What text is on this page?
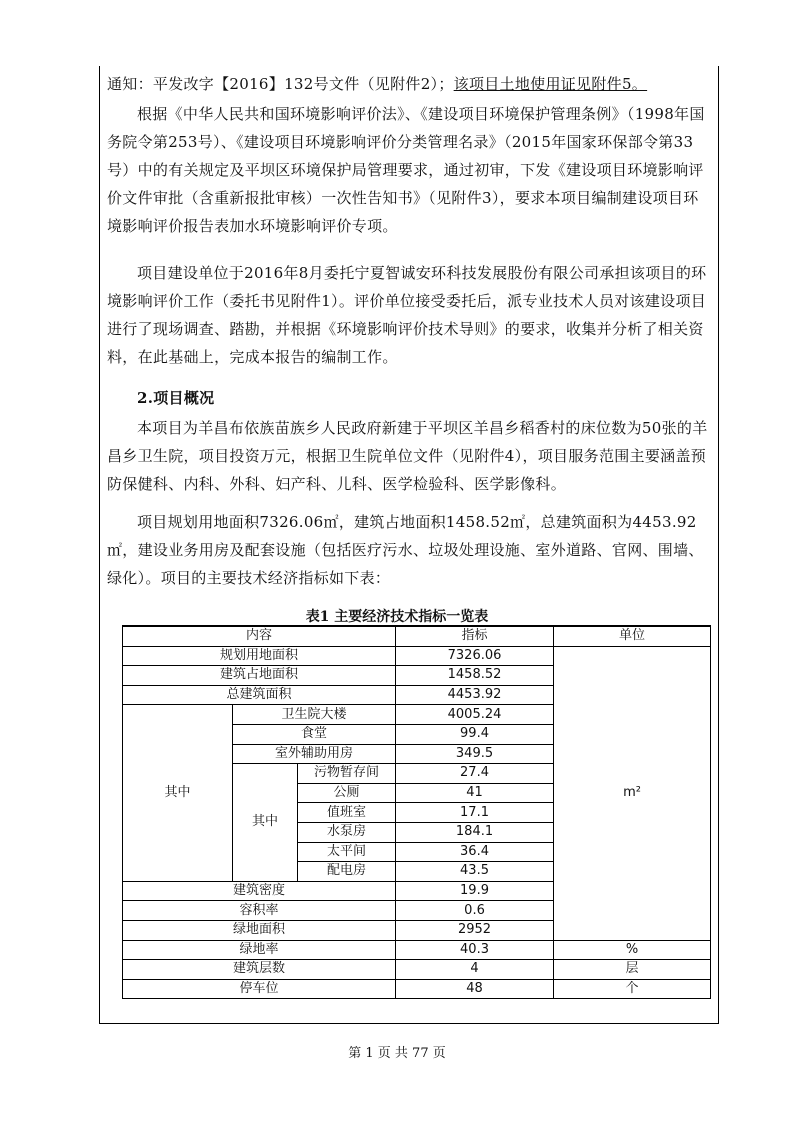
通知：平发改字【2016】132号文件（见附件2）；该项目土地使用证见附件5。

根据《中华人民共和国环境影响评价法》、《建设项目环境保护管理条例》（1998年国务院令第253号）、《建设项目环境影响评价分类管理名录》（2015年国家环保部令第33号）中的有关规定及平坝区环境保护局管理要求，通过初审，下发《建设项目环境影响评价文件审批（含重新报批审核）一次性告知书》（见附件3），要求本项目编制建设项目环境影响评价报告表加水环境影响评价专项。

项目建设单位于2016年8月委托宁夏智诚安环科技发展股份有限公司承担该项目的环境影响评价工作（委托书见附件1）。评价单位接受委托后，派专业技术人员对该建设项目进行了现场调查、踏勘，并根据《环境影响评价技术导则》的要求，收集并分析了相关资料，在此基础上，完成本报告的编制工作。

2.项目概况

本项目为羊昌布依族苗族乡人民政府新建于平坝区羊昌乡稻香村的床位数为50张的羊昌乡卫生院，项目投资万元，根据卫生院单位文件（见附件4），项目服务范围主要涵盖预防保健科、内科、外科、妇产科、儿科、医学检验科、医学影像科。

项目规划用地面积7326.06㎡，建筑占地面积1458.52㎡，总建筑面积为4453.92㎡，建设业务用房及配套设施（包括医疗污水、垃圾处理设施、室外道路、官网、围墙、绿化）。项目的主要技术经济指标如下表：

表1 主要经济技术指标一览表
内容			指标	单位	
规划用地面积			7326.06	m²	
建筑占地面积			1458.52		
总建筑面积			4453.92		
其中	卫生院大楼		4005.24		
	食堂		99.4		
	室外辅助用房		349.5		
	其中	污物暂存间	27.4		
		公厕	41		
		值班室	17.1		
		水泵房	184.1		
		太平间	36.4		
		配电房	43.5		
建筑密度			19.9	
容积率			0.6		
绿地面积			2952	
绿地率			40.3	%	
建筑层数			4	层	
停车位			48	个	
第 1 页 共 77 页
